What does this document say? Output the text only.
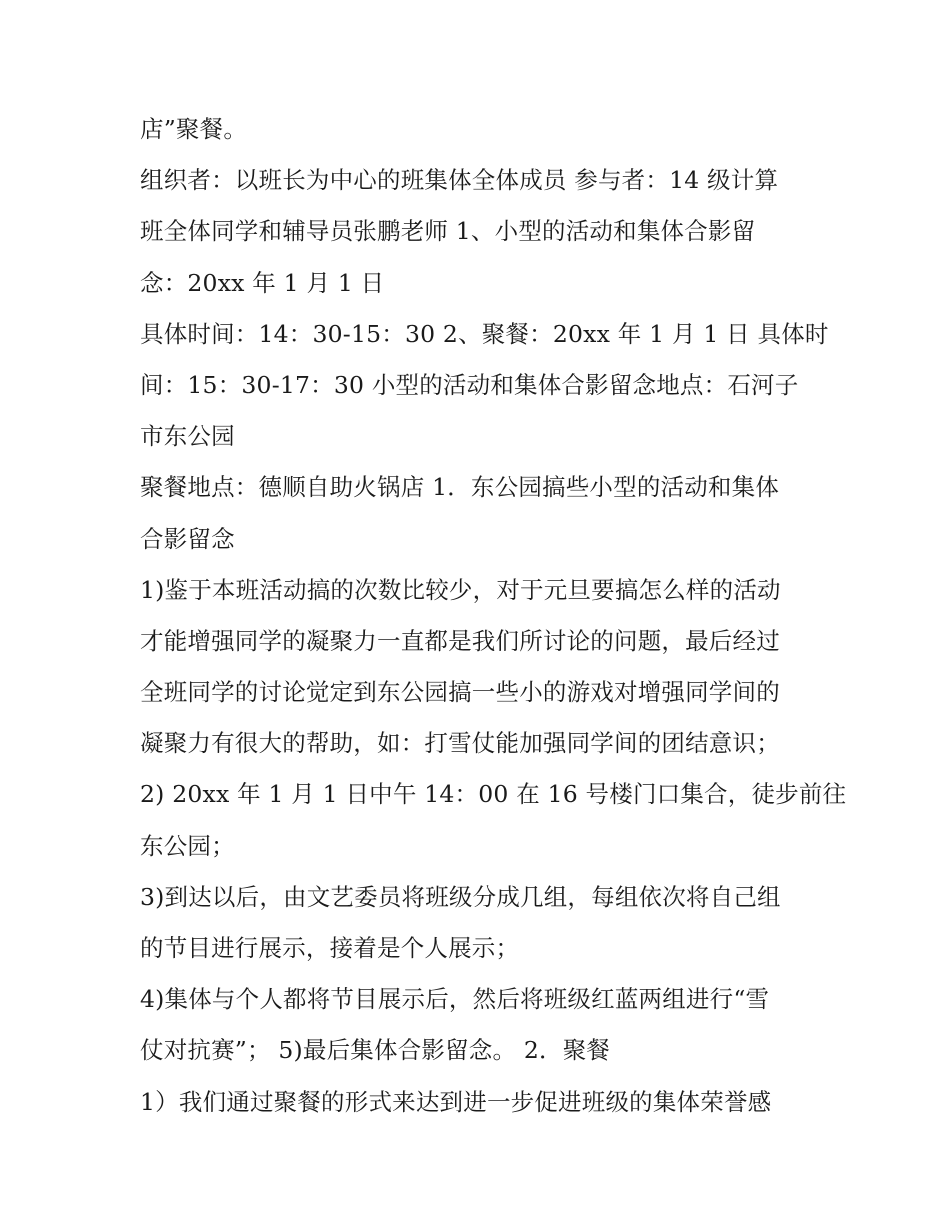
店”聚餐。
组织者：以班长为中心的班集体全体成员 参与者：14 级计算
班全体同学和辅导员张鹏老师 1、小型的活动和集体合影留
念：20xx 年 1 月 1 日
具体时间：14：30-15：30 2、聚餐：20xx 年 1 月 1 日 具体时
间：15：30-17：30 小型的活动和集体合影留念地点：石河子
市东公园
聚餐地点：德顺自助火锅店 1．东公园搞些小型的活动和集体
合影留念
1)鉴于本班活动搞的次数比较少，对于元旦要搞怎么样的活动
才能增强同学的凝聚力一直都是我们所讨论的问题，最后经过
全班同学的讨论觉定到东公园搞一些小的游戏对增强同学间的
凝聚力有很大的帮助，如：打雪仗能加强同学间的团结意识；
2) 20xx 年 1 月 1 日中午 14：00 在 16 号楼门口集合，徒步前往
东公园；
3)到达以后，由文艺委员将班级分成几组，每组依次将自己组
的节目进行展示，接着是个人展示；
4)集体与个人都将节目展示后，然后将班级红蓝两组进行“雪
仗对抗赛”； 5)最后集体合影留念。 2．聚餐
1）我们通过聚餐的形式来达到进一步促进班级的集体荣誉感
